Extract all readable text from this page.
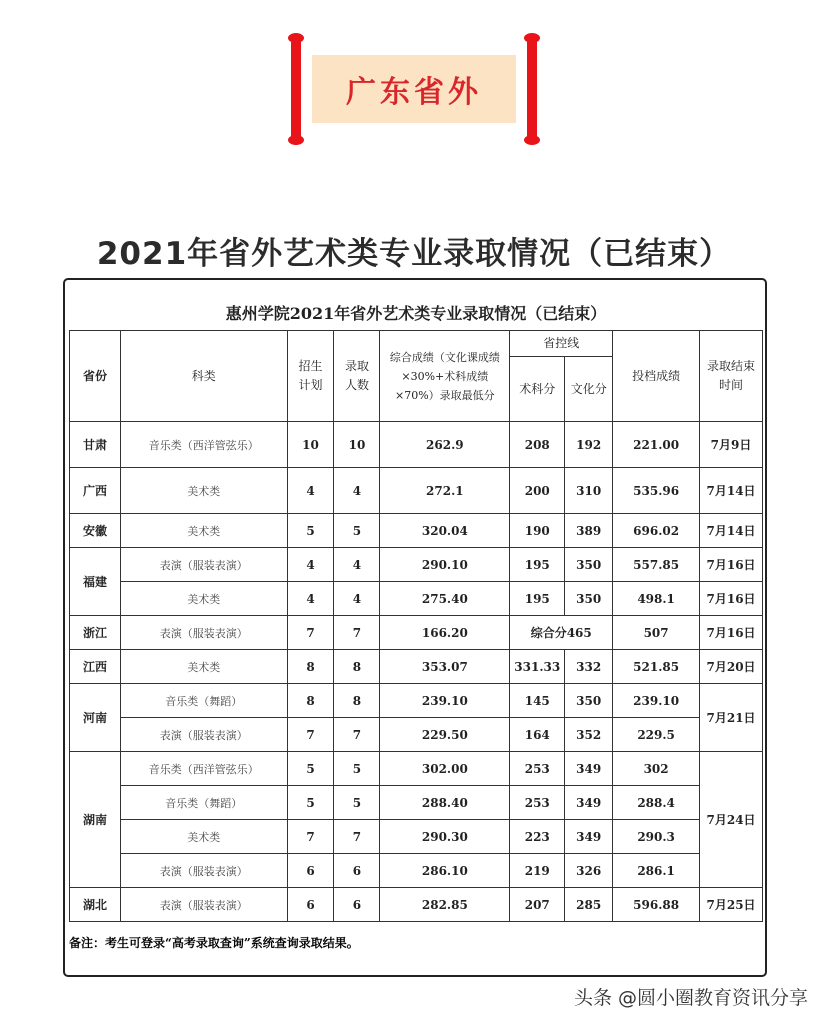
广东省外
2021年省外艺术类专业录取情况（已结束）
惠州学院2021年省外艺术类专业录取情况（已结束）								
省份	科类	招生计划	录取人数	综合成绩（文化课成绩×30%+术科成绩×70%）录取最低分	省控线		投档成绩	录取结束时间
					术科分	文化分		
甘肃	音乐类（西洋管弦乐）	10	10	262.9	208	192	221.00	7月9日
广西	美术类	4	4	272.1	200	310	535.96	7月14日
安徽	美术类	5	5	320.04	190	389	696.02	7月14日
福建	表演（服装表演）	4	4	290.10	195	350	557.85	7月16日
	美术类	4	4	275.40	195	350	498.1	7月16日
浙江	表演（服装表演）	7	7	166.20	综合分465		507	7月16日
江西	美术类	8	8	353.07	331.33	332	521.85	7月20日
河南	音乐类（舞蹈）	8	8	239.10	145	350	239.10	7月21日
	表演（服装表演）	7	7	229.50	164	352	229.5	
湖南	音乐类（西洋管弦乐）	5	5	302.00	253	349	302	7月24日
	音乐类（舞蹈）	5	5	288.40	253	349	288.4	
	美术类	7	7	290.30	223	349	290.3	
	表演（服装表演）	6	6	286.10	219	326	286.1	
湖北	表演（服装表演）	6	6	282.85	207	285	596.88	7月25日
备注：考生可登录“高考录取查询”系统查询录取结果。
头条 @圆小圈教育资讯分享
